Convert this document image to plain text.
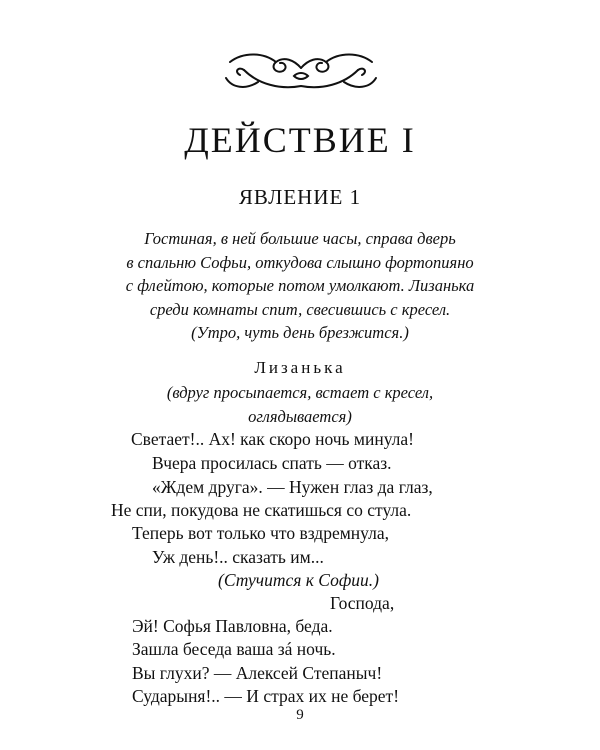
ДЕЙСТВИЕ I
ЯВЛЕНИЕ 1
Гостиная, в ней большие часы, справа дверь
в спальню Софьи, откудова слышно фортопияно
с флейтою, которые потом умолкают. Лизанька
среди комнаты спит, свесившись с кресел.
(Утро, чуть день брезжится.)
Лизанька
(вдруг просыпается, встает с кресел,
оглядывается)
Светает!.. Ах! как скоро ночь минула!
Вчера просилась спать — отказ.
«Ждем друга». — Нужен глаз да глаз,
Не спи, покудова не скатишься со стула.
Теперь вот только что вздремнула,
Уж день!.. сказать им...
(Стучится к Софии.)
Господа,
Эй! Софья Павловна, беда.
Зашла беседа ваша зá ночь.
Вы глухи? — Алексей Степаныч!
Сударыня!.. — И страх их не берет!
9
